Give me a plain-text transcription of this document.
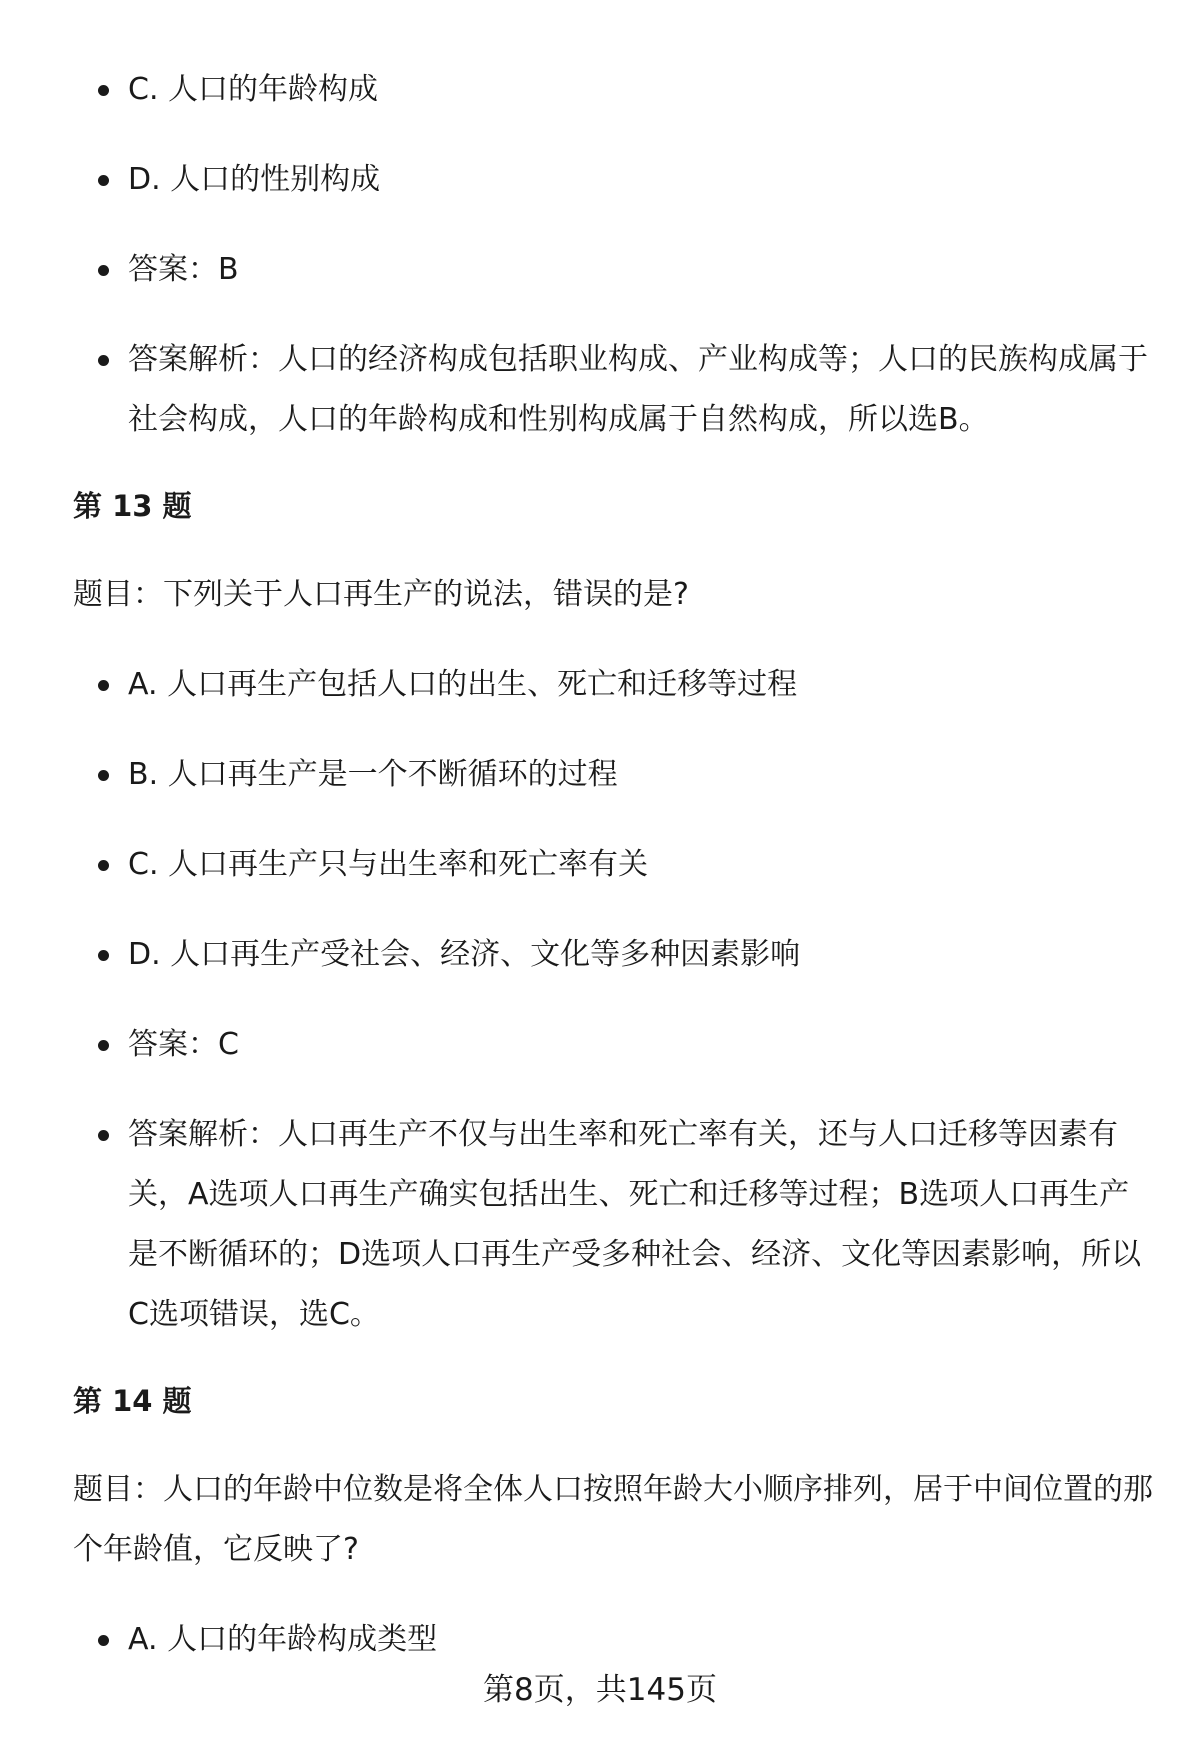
C. 人口的年龄构成
D. 人口的性别构成
答案：B
答案解析：人口的经济构成包括职业构成、产业构成等；人口的民族构成属于社会构成，人口的年龄构成和性别构成属于自然构成，所以选B。
第 13 题
题目：下列关于人口再生产的说法，错误的是?
A. 人口再生产包括人口的出生、死亡和迁移等过程
B. 人口再生产是一个不断循环的过程
C. 人口再生产只与出生率和死亡率有关
D. 人口再生产受社会、经济、文化等多种因素影响
答案：C
答案解析：人口再生产不仅与出生率和死亡率有关，还与人口迁移等因素有关，A选项人口再生产确实包括出生、死亡和迁移等过程；B选项人口再生产是不断循环的；D选项人口再生产受多种社会、经济、文化等因素影响，所以C选项错误，选C。
第 14 题
题目：人口的年龄中位数是将全体人口按照年龄大小顺序排列，居于中间位置的那个年龄值，它反映了?
A. 人口的年龄构成类型
第8页，共145页
